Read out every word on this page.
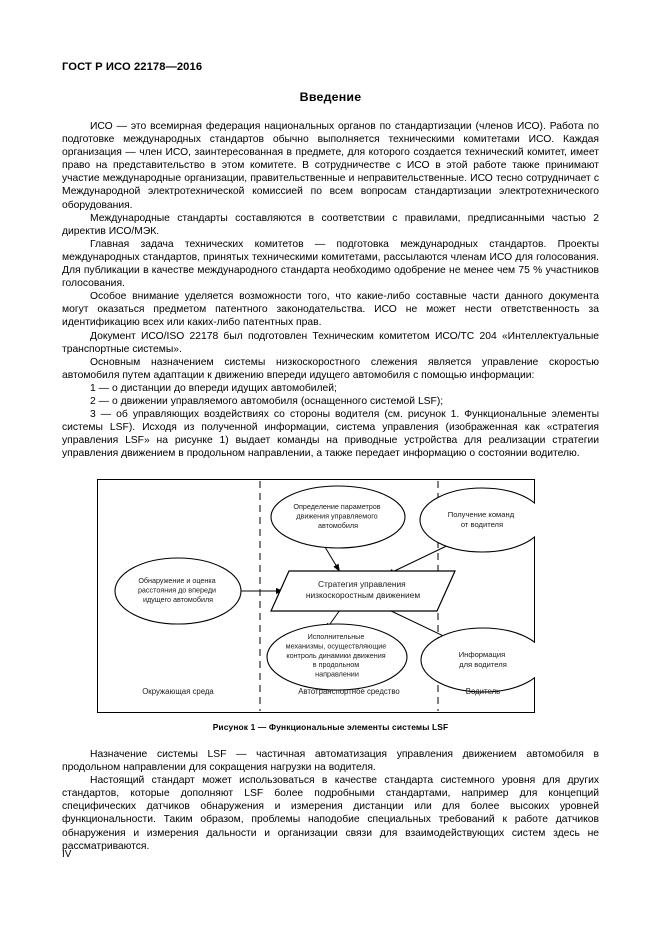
ГОСТ Р ИСО 22178—2016
Введение

ИСО — это всемирная федерация национальных органов по стандартизации (членов ИСО). Работа по подготовке международных стандартов обычно выполняется техническими комитетами ИСО. Каждая организация — член ИСО, заинтересованная в предмете, для которого создается технический комитет, имеет право на представительство в этом комитете. В сотрудничестве с ИСО в этой работе также принимают участие международные организации, правительственные и неправительственные. ИСО тесно сотрудничает с Международной электротехнической комиссией по всем вопросам стандартизации электротехнического оборудования.

Международные стандарты составляются в соответствии с правилами, предписанными частью 2 директив ИСО/МЭК.

Главная задача технических комитетов — подготовка международных стандартов. Проекты международных стандартов, принятых техническими комитетами, рассылаются членам ИСО для голосования. Для публикации в качестве международного стандарта необходимо одобрение не менее чем 75 % участников голосования.

Особое внимание уделяется возможности того, что какие-либо составные части данного документа могут оказаться предметом патентного законодательства. ИСО не может нести ответственность за идентификацию всех или каких-либо патентных прав.

Документ ИСО/ISO 22178 был подготовлен Техническим комитетом ИСО/ТС 204 «Интеллектуальные транспортные системы».

Основным назначением системы низкоскоростного слежения является управление скоростью автомобиля путем адаптации к движению впереди идущего автомобиля с помощью информации:

1 — о дистанции до впереди идущих автомобилей;

2 — о движении управляемого автомобиля (оснащенного системой LSF);

3 — об управляющих воздействиях со стороны водителя (см. рисунок 1. Функциональные элементы системы LSF). Исходя из полученной информации, система управления (изображенная как «стратегия управления LSF» на рисунке 1) выдает команды на приводные устройства для реализации стратегии управления движением в продольном направлении, а также передает информацию о состоянии водителю.

Обнаружение и оценка расстояния до впереди идущего автомобиля
Определение параметров движения управляемого автомобиля
Стратегия управления низкоскоростным движением
Исполнительные механизмы, осуществляющие контроль динамики движения в продольном направлении
Получение команд от водителя
Информация для водителя
Окружающая среда	Автотранспортное средство	Водитель
Рисунок 1 — Функциональные элементы системы LSF

Назначение системы LSF — частичная автоматизация управления движением автомобиля в продольном направлении для сокращения нагрузки на водителя.

Настоящий стандарт может использоваться в качестве стандарта системного уровня для других стандартов, которые дополняют LSF более подробными стандартами, например для концепций специфических датчиков обнаружения и измерения дистанции или для более высоких уровней функциональности. Таким образом, проблемы наподобие специальных требований к работе датчиков обнаружения и измерения дальности и организации связи для взаимодействующих систем здесь не рассматриваются.

IV
